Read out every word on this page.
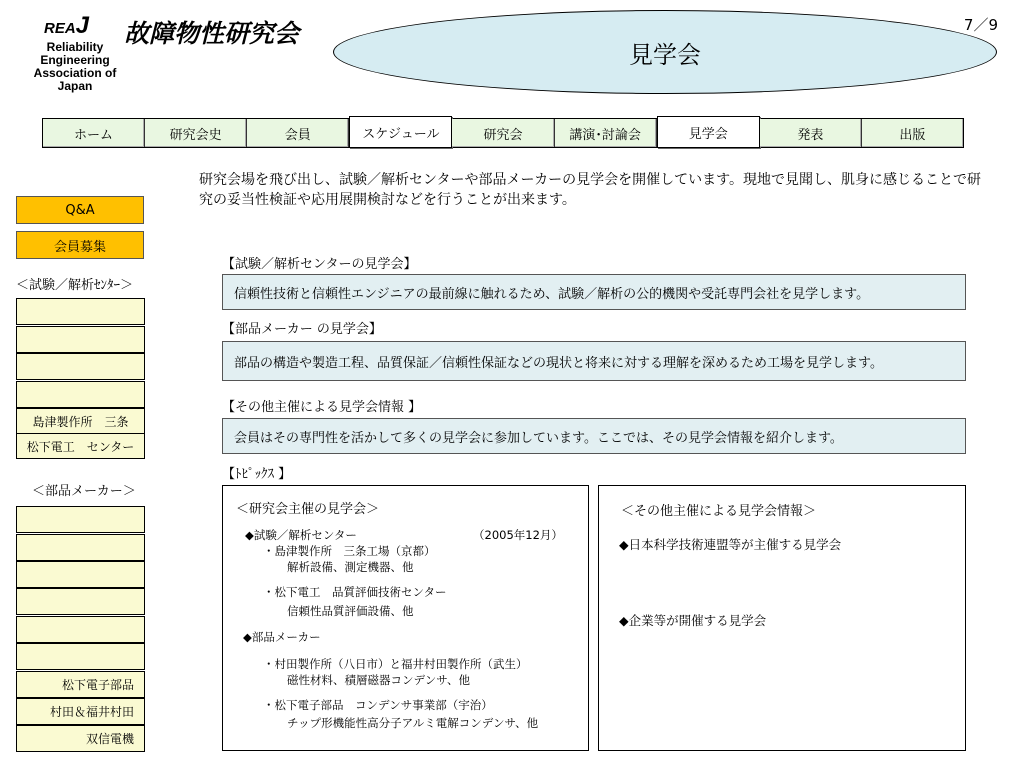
REAJ
Reliability
Engineering
Association of
Japan
故障物性研究会	7／9
見学会
ホーム	研究会史	会員	スケジュール	研究会	講演･討論会	見学会	発表	出版
研究会場を飛び出し、試験／解析センターや部品メーカーの見学会を開催しています。現地で見聞し、肌身に感じることで研究の妥当性検証や応用展開検討などを行うことが出来ます。
Q&A
会員募集
＜試験／解析ｾﾝﾀｰ＞
島津製作所　三条
松下電工　センター
＜部品メーカー＞
松下電子部品
村田＆福井村田
双信電機
【試験／解析センターの見学会】
信頼性技術と信頼性エンジニアの最前線に触れるため、試験／解析の公的機関や受託専門会社を見学します。
【部品メーカー の見学会】
部品の構造や製造工程、品質保証／信頼性保証などの現状と将来に対する理解を深めるため工場を見学します。
【その他主催による見学会情報 】
会員はその専門性を活かして多くの見学会に参加しています。ここでは、その見学会情報を紹介します。
【ﾄﾋﾟｯｸｽ 】
＜研究会主催の見学会＞
◆試験／解析センター	（2005年12月）
・島津製作所　三条工場（京都）
解析設備、測定機器、他
・松下電工　品質評価技術センター
信頼性品質評価設備、他
◆部品メーカー
・村田製作所（八日市）と福井村田製作所（武生）
磁性材料、積層磁器コンデンサ、他
・松下電子部品　コンデンサ事業部（宇治）
チップ形機能性高分子アルミ電解コンデンサ、他
＜その他主催による見学会情報＞
◆日本科学技術連盟等が主催する見学会
◆企業等が開催する見学会
